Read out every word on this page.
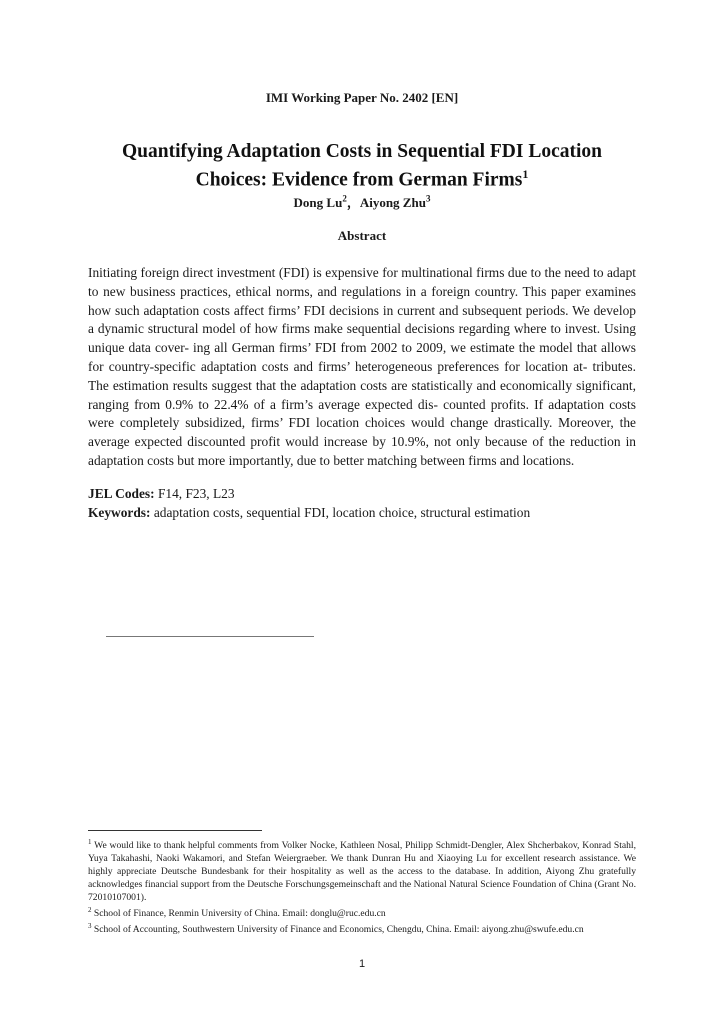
IMI Working Paper No. 2402 [EN]
Quantifying Adaptation Costs in Sequential FDI Location
Choices: Evidence from German Firms$^1$
Dong Lu$^2$，Aiyong Zhu$^3$
Abstract

Initiating foreign direct investment (FDI) is expensive for multinational firms due to the need to adapt to new business practices, ethical norms, and regulations in a foreign country. This paper examines how such adaptation costs affect firms’ FDI decisions in current and subsequent periods. We develop a dynamic structural model of how firms make sequential decisions regarding where to invest. Using unique data cover- ing all German firms’ FDI from 2002 to 2009, we estimate the model that allows for country-specific adaptation costs and firms’ heterogeneous preferences for location at- tributes. The estimation results suggest that the adaptation costs are statistically and economically significant, ranging from 0.9% to 22.4% of a firm’s average expected dis- counted profits. If adaptation costs were completely subsidized, firms’ FDI location choices would change drastically. Moreover, the average expected discounted profit would increase by 10.9%, not only because of the reduction in adaptation costs but more importantly, due to better matching between firms and locations.

JEL Codes: F14, F23, L23
Keywords: adaptation costs, sequential FDI, location choice, structural estimation

$^1$ We would like to thank helpful comments from Volker Nocke, Kathleen Nosal, Philipp Schmidt-Dengler, Alex Shcherbakov, Konrad Stahl, Yuya Takahashi, Naoki Wakamori, and Stefan Weiergraeber. We thank Dunran Hu and Xiaoying Lu for excellent research assistance. We highly appreciate Deutsche Bundesbank for their hospitality as well as the access to the database. In addition, Aiyong Zhu gratefully acknowledges financial support from the Deutsche Forschungsgemeinschaft and the National Natural Science Foundation of China (Grant No. 72010107001).

$^2$ School of Finance, Renmin University of China. Email: donglu@ruc.edu.cn

$^3$ School of Accounting, Southwestern University of Finance and Economics, Chengdu, China. Email: aiyong.zhu@swufe.edu.cn

1
